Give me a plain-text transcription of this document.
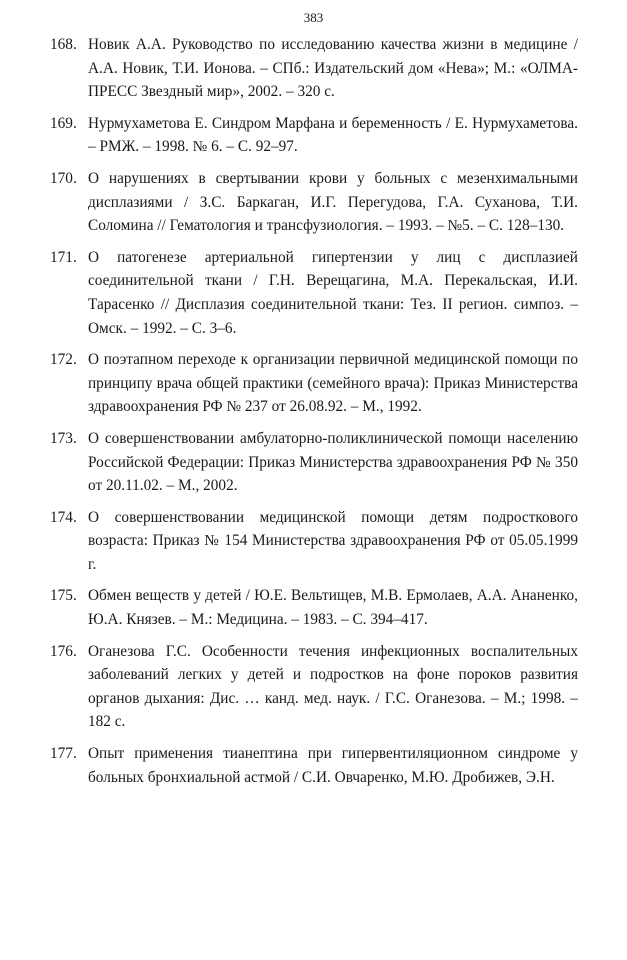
383
168. Новик А.А. Руководство по исследованию качества жизни в медицине / А.А. Новик, Т.И. Ионова. – СПб.: Издательский дом «Нева»; М.: «ОЛМА-ПРЕСС Звездный мир», 2002. – 320 с.
169. Нурмухаметова Е. Синдром Марфана и беременность / Е. Нурмухаметова. – РМЖ. – 1998. № 6. – С. 92–97.
170. О нарушениях в свертывании крови у больных с мезенхимальными дисплазиями / З.С. Баркаган, И.Г. Перегудова, Г.А. Суханова, Т.И. Соломина // Гематология и трансфузиология. – 1993. – №5. – С. 128–130.
171. О патогенезе артериальной гипертензии у лиц с дисплазией соединительной ткани / Г.Н. Верещагина, М.А. Перекальская, И.И. Тарасенко // Дисплазия соединительной ткани: Тез. II регион. симпоз. – Омск. – 1992. – С. 3–6.
172. О поэтапном переходе к организации первичной медицинской помощи по принципу врача общей практики (семейного врача): Приказ Министерства здравоохранения РФ № 237 от 26.08.92. – М., 1992.
173. О совершенствовании амбулаторно-поликлинической помощи населению Российской Федерации: Приказ Министерства здравоохранения РФ № 350 от 20.11.02. – М., 2002.
174. О совершенствовании медицинской помощи детям подросткового возраста: Приказ № 154 Министерства здравоохранения РФ от 05.05.1999 г.
175. Обмен веществ у детей / Ю.Е. Вельтищев, М.В. Ермолаев, А.А. Ананенко, Ю.А. Князев. – М.: Медицина. – 1983. – С. 394–417.
176. Оганезова Г.С. Особенности течения инфекционных воспалительных заболеваний легких у детей и подростков на фоне пороков развития органов дыхания: Дис. … канд. мед. наук. / Г.С. Оганезова. – М.; 1998. – 182 с.
177. Опыт применения тианептина при гипервентиляционном синдроме у больных бронхиальной астмой / С.И. Овчаренко, М.Ю. Дробижев, Э.Н.
